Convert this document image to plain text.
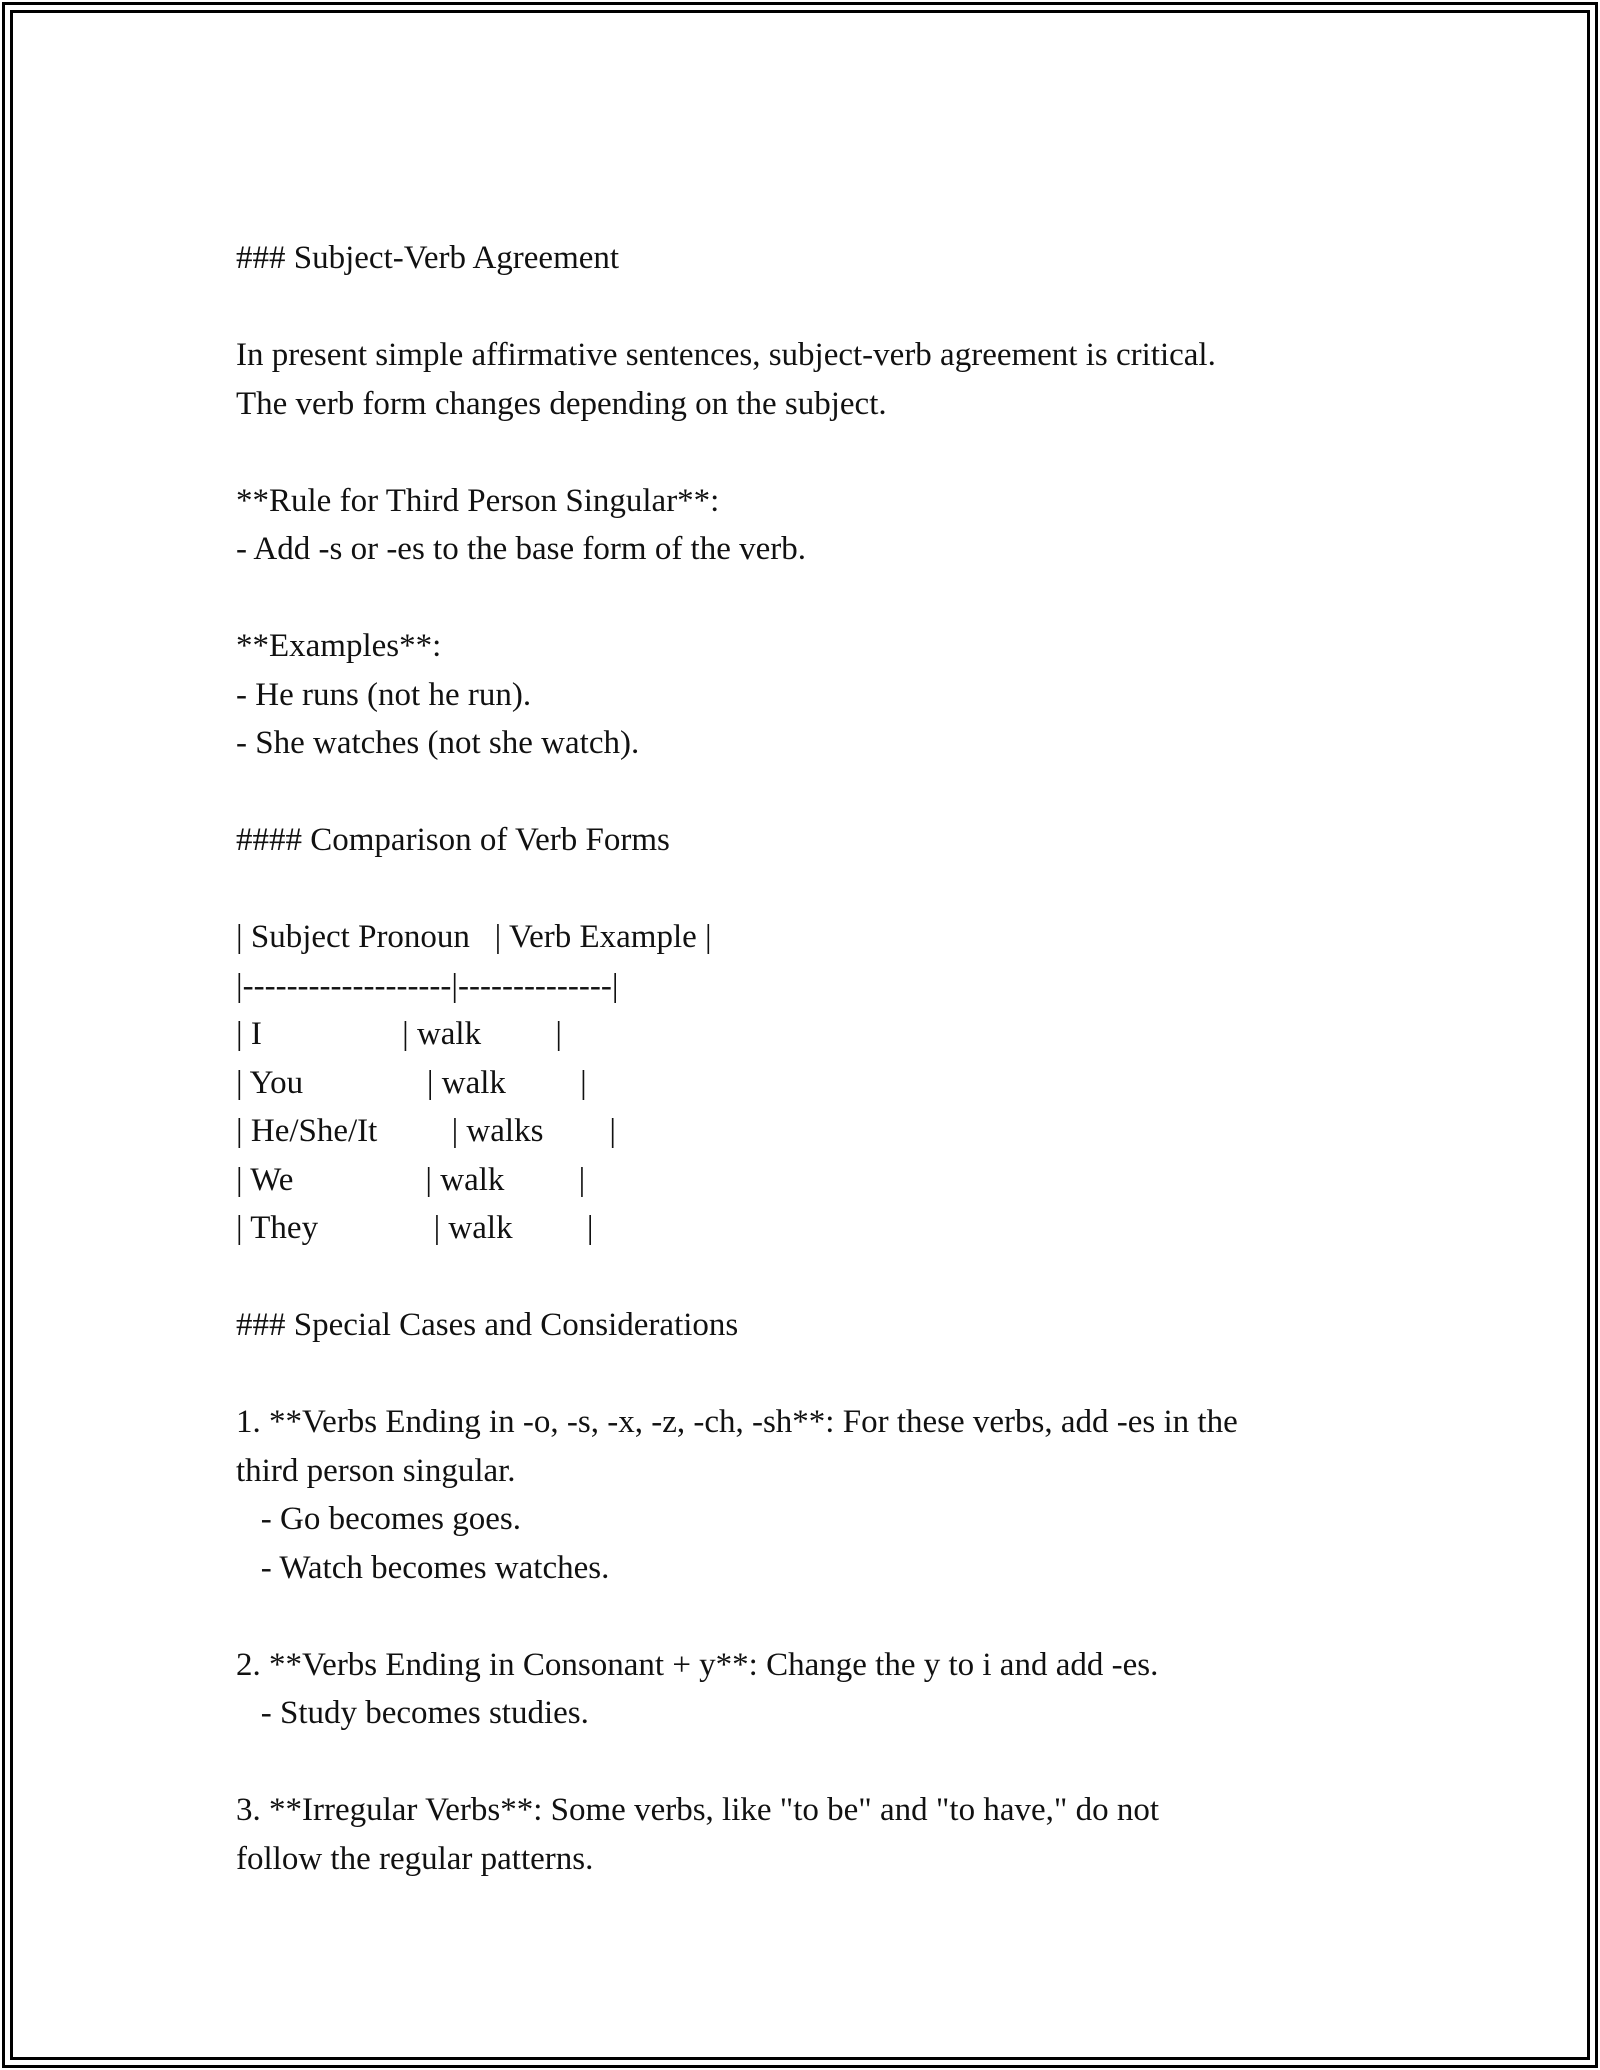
### Subject-Verb Agreement
In present simple affirmative sentences, subject-verb agreement is critical.
The verb form changes depending on the subject.
**Rule for Third Person Singular**:
- Add -s or -es to the base form of the verb.
**Examples**:
- He runs (not he run).
- She watches (not she watch).
#### Comparison of Verb Forms
| Subject Pronoun   | Verb Example |
|-------------------|--------------|
| I                 | walk         |
| You               | walk         |
| He/She/It         | walks        |
| We                | walk         |
| They              | walk         |
### Special Cases and Considerations
1. **Verbs Ending in -o, -s, -x, -z, -ch, -sh**: For these verbs, add -es in the
third person singular.
- Go becomes goes.
- Watch becomes watches.
2. **Verbs Ending in Consonant + y**: Change the y to i and add -es.
- Study becomes studies.
3. **Irregular Verbs**: Some verbs, like "to be" and "to have," do not
follow the regular patterns.
